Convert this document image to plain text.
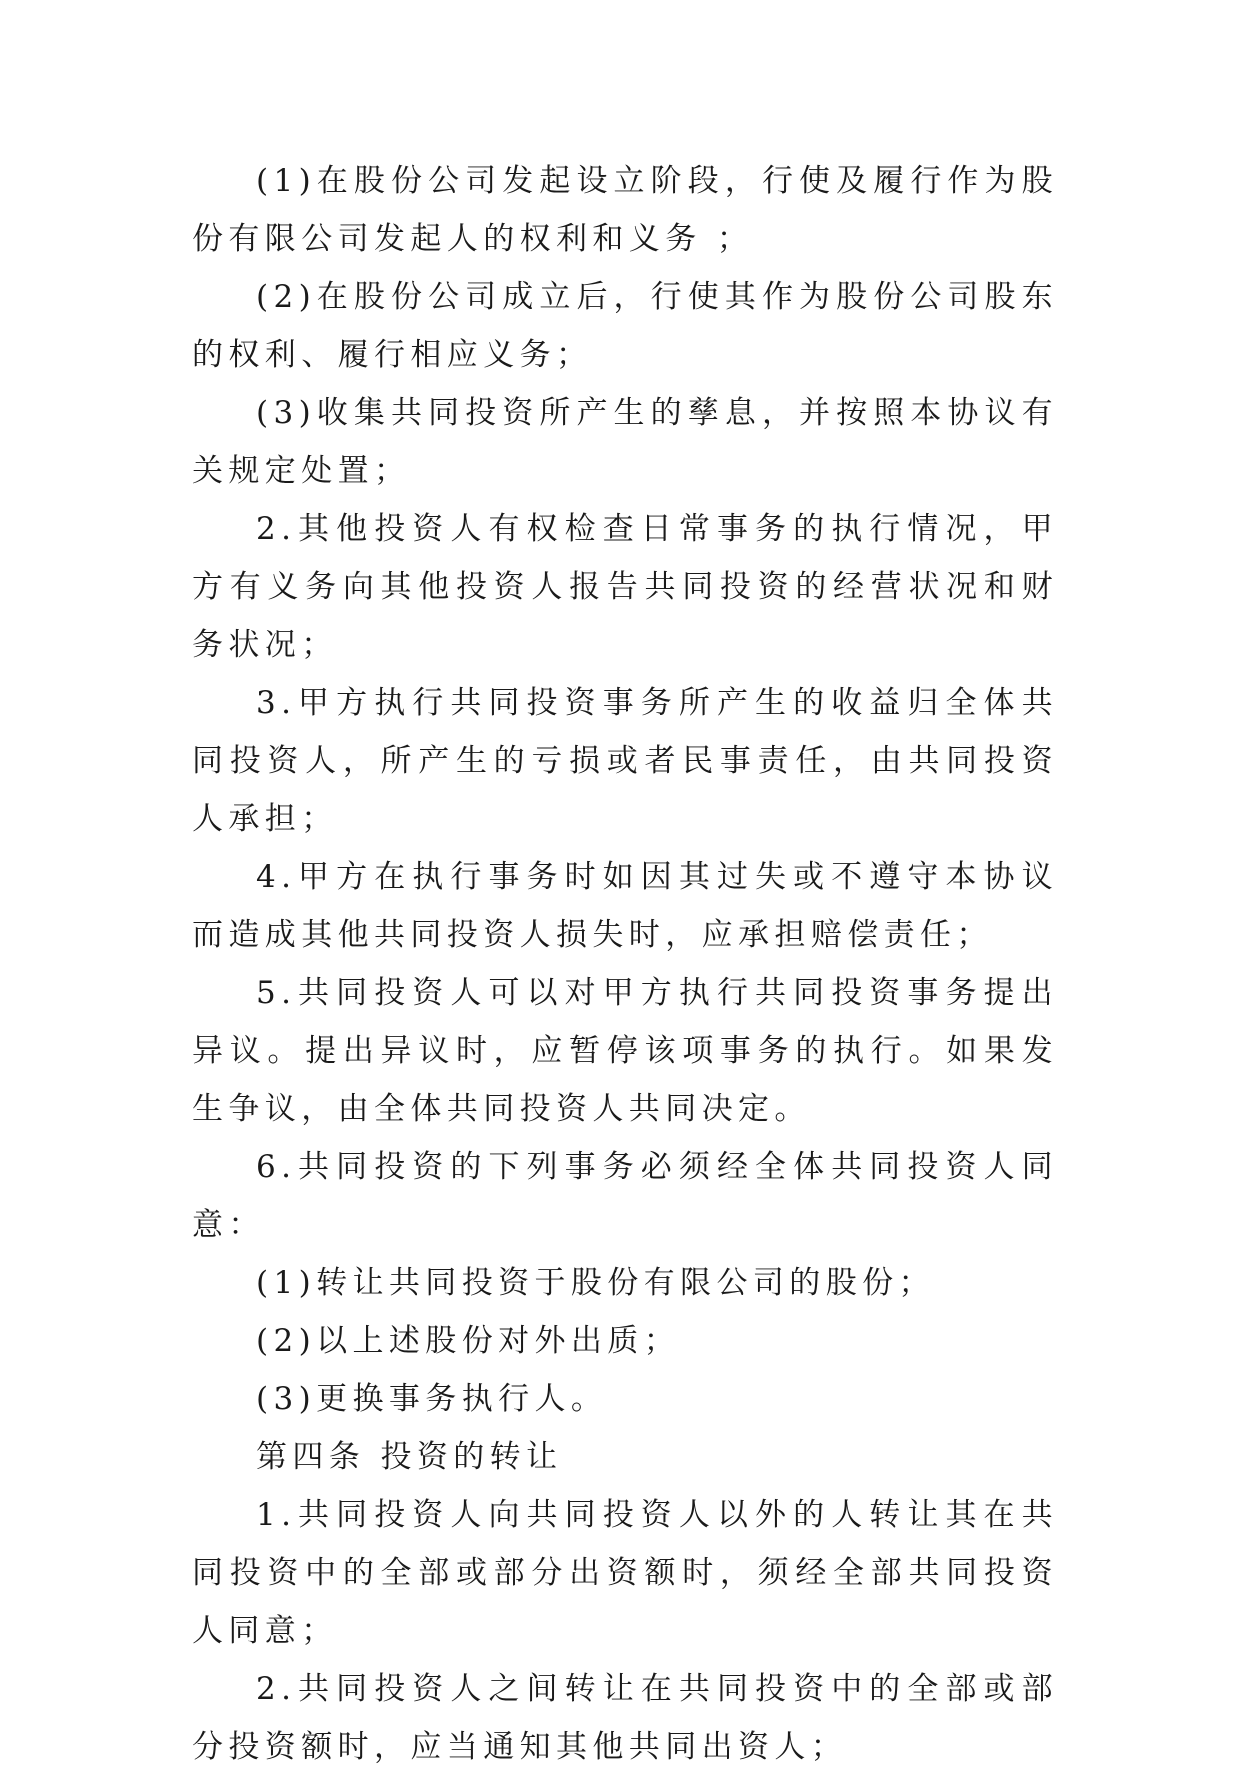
(1)在股份公司发起设立阶段，行使及履行作为股份有限公司发起人的权利和义务 ；

(2)在股份公司成立后，行使其作为股份公司股东的权利、履行相应义务；

(3)收集共同投资所产生的孳息，并按照本协议有关规定处置；

2.其他投资人有权检查日常事务的执行情况，甲方有义务向其他投资人报告共同投资的经营状况和财务状况；

3.甲方执行共同投资事务所产生的收益归全体共同投资人，所产生的亏损或者民事责任，由共同投资人承担；

4.甲方在执行事务时如因其过失或不遵守本协议而造成其他共同投资人损失时，应承担赔偿责任；

5.共同投资人可以对甲方执行共同投资事务提出异议。提出异议时，应暂停该项事务的执行。如果发生争议，由全体共同投资人共同决定。

6.共同投资的下列事务必须经全体共同投资人同意：

(1)转让共同投资于股份有限公司的股份；

(2)以上述股份对外出质；

(3)更换事务执行人。

第四条 投资的转让

1.共同投资人向共同投资人以外的人转让其在共同投资中的全部或部分出资额时，须经全部共同投资人同意；

2.共同投资人之间转让在共同投资中的全部或部分投资额时，应当通知其他共同出资人；
